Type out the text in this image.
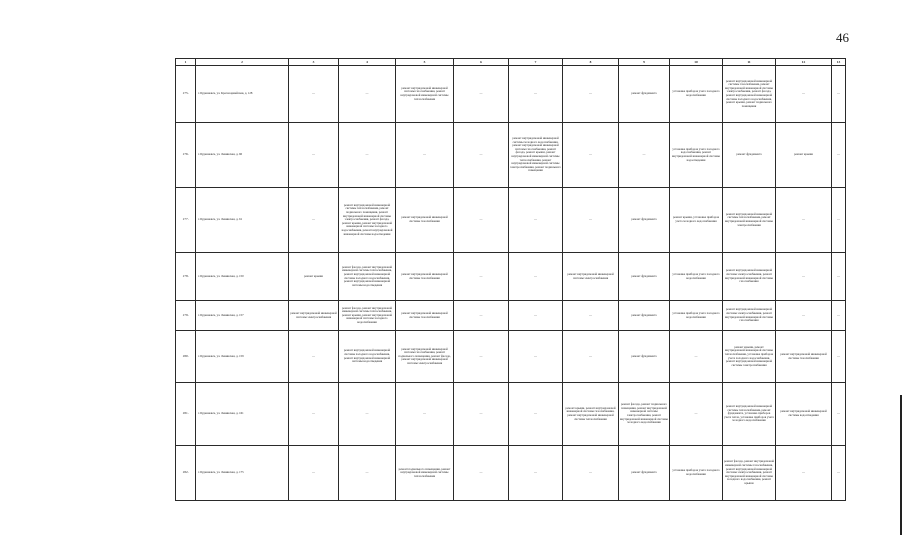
46
1	2	3	4	5	6	7	8	9	10	11	12	13
175.	г. Буденновск, ул. Красноармейская, д. 128	—	—	ремонт внутридомовой инженерной системы газоснабжения, ремонт внутридомовой инженерной системы теплоснабжения	—	—	—	ремонт фундамента	установка приборов учета холодного водоснабжения	ремонт внутридомовой инженерной системы газоснабжения, ремонт внутридомовой инженерной системы электроснабжения, ремонт фасада, ремонт внутридомовой инженерной системы холодного водоснабжения, ремонт крыши, ремонт подвального помещения	—	—
176.	г. Буденновск, ул. Ленинская, д. 60	—	—	—	—	ремонт внутридомовой инженерной системы холодного водоснабжения, ремонт внутридомовой инженерной системы газоснабжения, ремонт фасада, ремонт крыши, ремонт внутридомовой инженерной системы теплоснабжения, ремонт внутридомовой инженерной системы электроснабжения, ремонт подвального помещения	—	—	установка приборов учета холодного водоснабжения, ремонт внутридомовой инженерной системы водоотведения	ремонт фундамента	ремонт крыши	—
177.	г. Буденновск, ул. Ленинская, д. 61	—	ремонт внутридомовой инженерной системы теплоснабжения, ремонт подвального помещения, ремонт внутридомовой инженерной системы электроснабжения, ремонт фасада, ремонт крыши, ремонт внутридомовой инженерной системы холодного водоснабжения, ремонт внутридомовой инженерной системы водоотведения	ремонт внутридомовой инженерной системы газоснабжения	—	—	—	ремонт фундамента	ремонт крыши, установка приборов учета холодного водоснабжения	ремонт внутридомовой инженерной системы теплоснабжения, ремонт внутридомовой инженерной системы электроснабжения	—	—
178.	г. Буденновск, ул. Ленинская, д. 150	ремонт крыши	ремонт фасада, ремонт внутридомовой инженерной системы теплоснабжения, ремонт внутридомовой инженерной системы холодного водоснабжения, ремонт внутридомовой инженерной системы водоотведения	ремонт внутридомовой инженерной системы газоснабжения	—	—	ремонт внутридомовой инженерной системы электроснабжения	ремонт фундамента	установка приборов учета холодного водоснабжения	ремонт внутридомовой инженерной системы электроснабжения, ремонт внутридомовой инженерной системы газоснабжения	—	—
179.	г. Буденновск, ул. Ленинская, д. 157	ремонт внутридомовой инженерной системы электроснабжения	ремонт фасада, ремонт внутридомовой инженерной системы теплоснабжения, ремонт крыши, ремонт внутридомовой инженерной системы холодного водоснабжения	ремонт внутридомовой инженерной системы газоснабжения	—	—	—	ремонт фундамента	установка приборов учета холодного водоснабжения	ремонт внутридомовой инженерной системы электроснабжения, ремонт внутридомовой инженерной системы газоснабжения	—	—
180.	г. Буденновск, ул. Ленинская, д. 159	—	ремонт внутридомовой инженерной системы холодного водоснабжения, ремонт внутридомовой инженерной системы водоотведения	ремонт внутридомовой инженерной системы газоснабжения, ремонт подвального помещения, ремонт фасада, ремонт внутридомовой инженерной системы электроснабжения	—	—	—	ремонт фундамента	—	ремонт крыши, ремонт внутридомовой инженерной системы теплоснабжения, установка приборов учета холодного водоснабжения, ремонт внутридомовой инженерной системы электроснабжения	ремонт внутридомовой инженерной системы газоснабжения	—
181.	г. Буденновск, ул. Ленинская, д. 161	—	—	—	—	—	ремонт крыши, ремонт внутридомовой инженерной системы газоснабжения, ремонт внутридомовой инженерной системы теплоснабжения	ремонт фасада, ремонт подвального помещения, ремонт внутридомовой инженерной системы электроснабжения, ремонт внутридомовой инженерной системы холодного водоснабжения	—	ремонт внутридомовой инженерной системы теплоснабжения, ремонт фундамента, установка приборов учета тепла, установка приборов учета холодного водоснабжения	ремонт внутридомовой инженерной системы водоотведения	—
182.	г. Буденновск, ул. Ленинская, д. 175	—	—	ремонт подвального помещения, ремонт внутридомовой инженерной системы теплоснабжения	—	—	—	ремонт фундамента	установка приборов учета холодного водоснабжения	ремонт фасада, ремонт внутридомовой инженерной системы газоснабжения, ремонт внутридомовой инженерной системы электроснабжения, ремонт внутридомовой инженерной системы холодного водоснабжения, ремонт крыши	—	—
